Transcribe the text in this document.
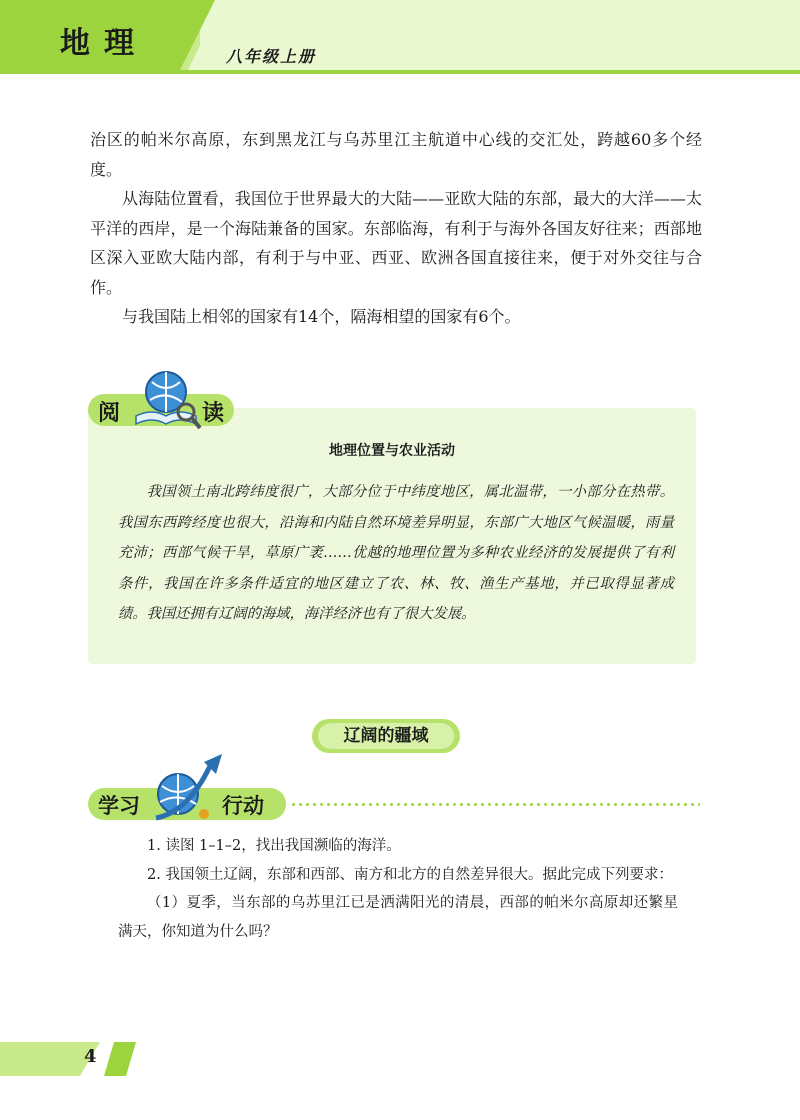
地理	八年级上册

治区的帕米尔高原，东到黑龙江与乌苏里江主航道中心线的交汇处，跨越60多个经度。

从海陆位置看，我国位于世界最大的大陆——亚欧大陆的东部，最大的大洋——太平洋的西岸，是一个海陆兼备的国家。东部临海，有利于与海外各国友好往来；西部地区深入亚欧大陆内部，有利于与中亚、西亚、欧洲各国直接往来，便于对外交往与合作。

与我国陆上相邻的国家有14个，隔海相望的国家有6个。

阅	读
地理位置与农业活动

我国领土南北跨纬度很广，大部分位于中纬度地区，属北温带，一小部分在热带。我国东西跨经度也很大，沿海和内陆自然环境差异明显，东部广大地区气候温暖，雨量充沛；西部气候干旱，草原广袤……优越的地理位置为多种农业经济的发展提供了有利条件，我国在许多条件适宜的地区建立了农、林、牧、渔生产基地，并已取得显著成绩。我国还拥有辽阔的海域，海洋经济也有了很大发展。

辽阔的疆域
学习	行动

1. 读图 1–1–2，找出我国濒临的海洋。

2. 我国领土辽阔，东部和西部、南方和北方的自然差异很大。据此完成下列要求：

（1）夏季，当东部的乌苏里江已是洒满阳光的清晨，西部的帕米尔高原却还繁星满天，你知道为什么吗？

4
